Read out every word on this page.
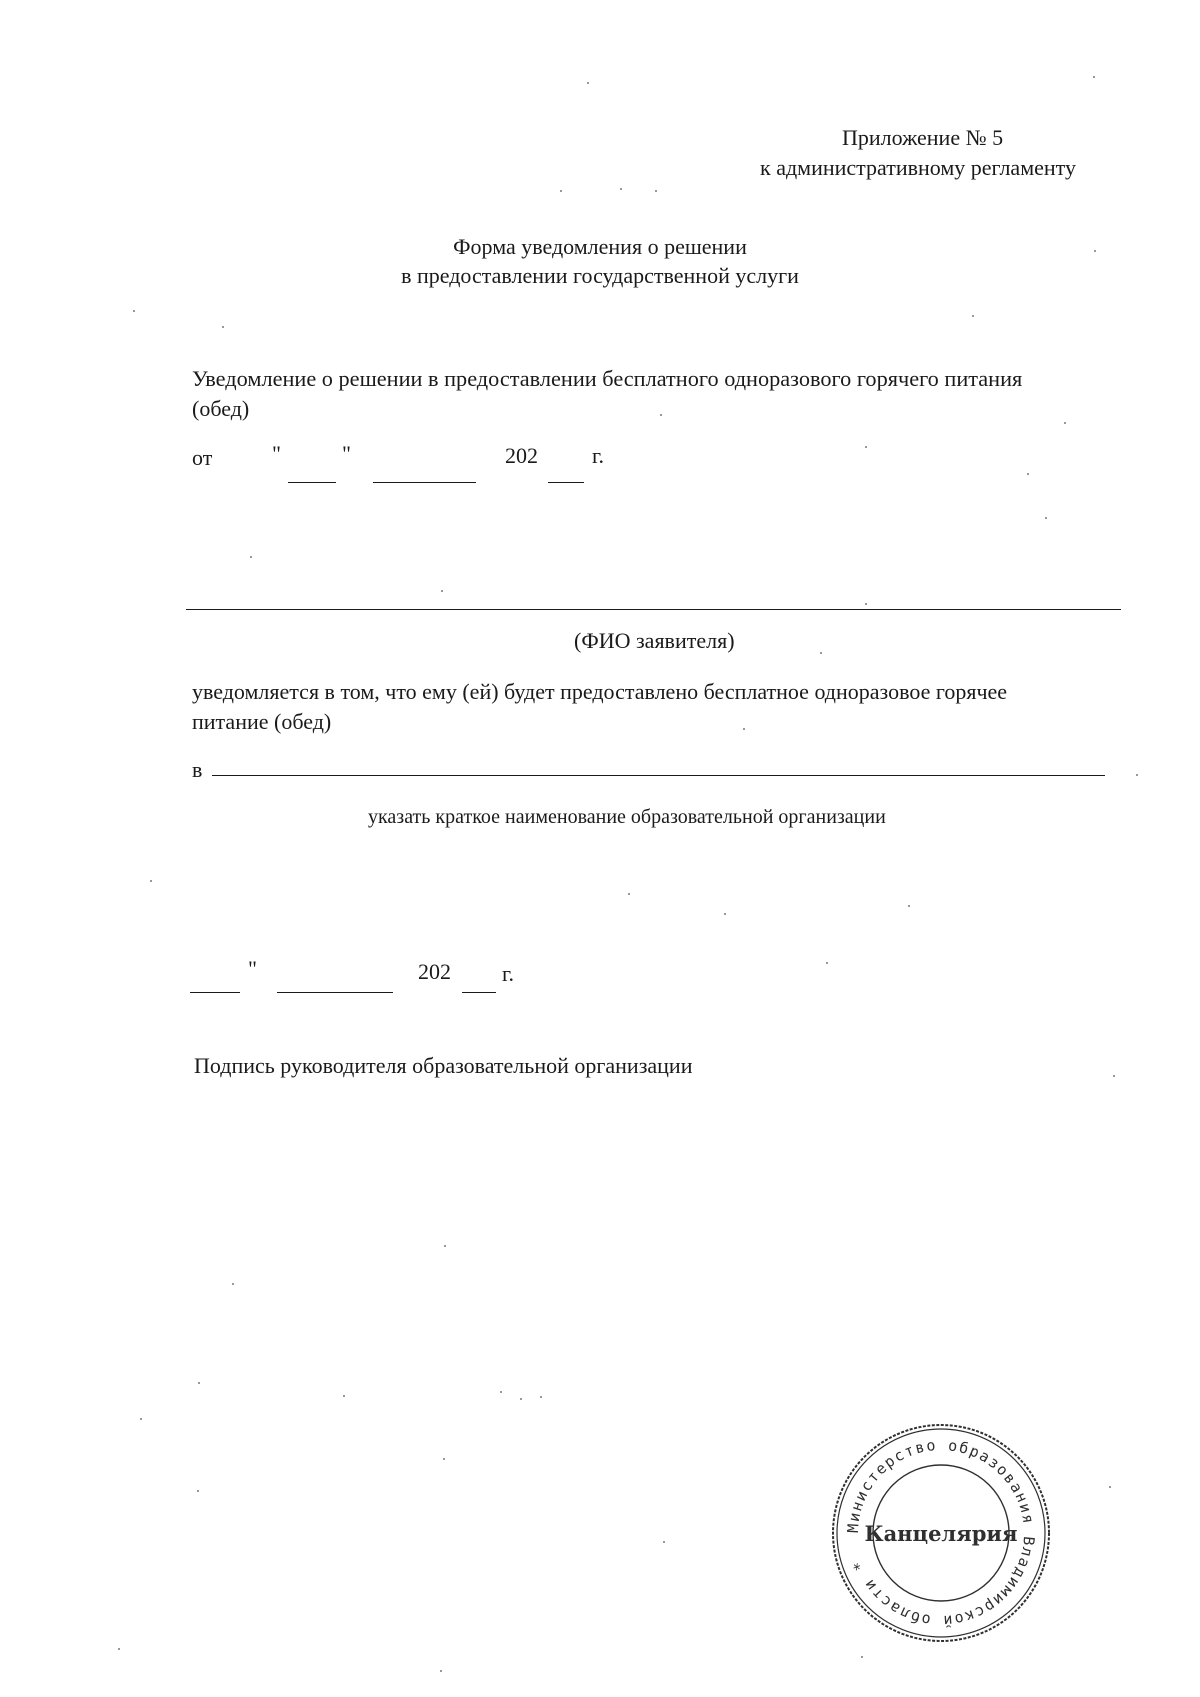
Приложение № 5
к административному регламенту
Форма уведомления о решении
в предоставлении государственной услуги
Уведомление о решении в предоставлении бесплатного одноразового горячего питания
(обед)
от	"	"	202 г.
(ФИО заявителя)
уведомляется в том, что ему (ей) будет предоставлено бесплатное одноразовое горячее
питание (обед)
в
указать краткое наименование образовательной организации
"	202 г.
Подпись руководителя образовательной организации
Министерство образования Владимирской области *
Канцелярия
